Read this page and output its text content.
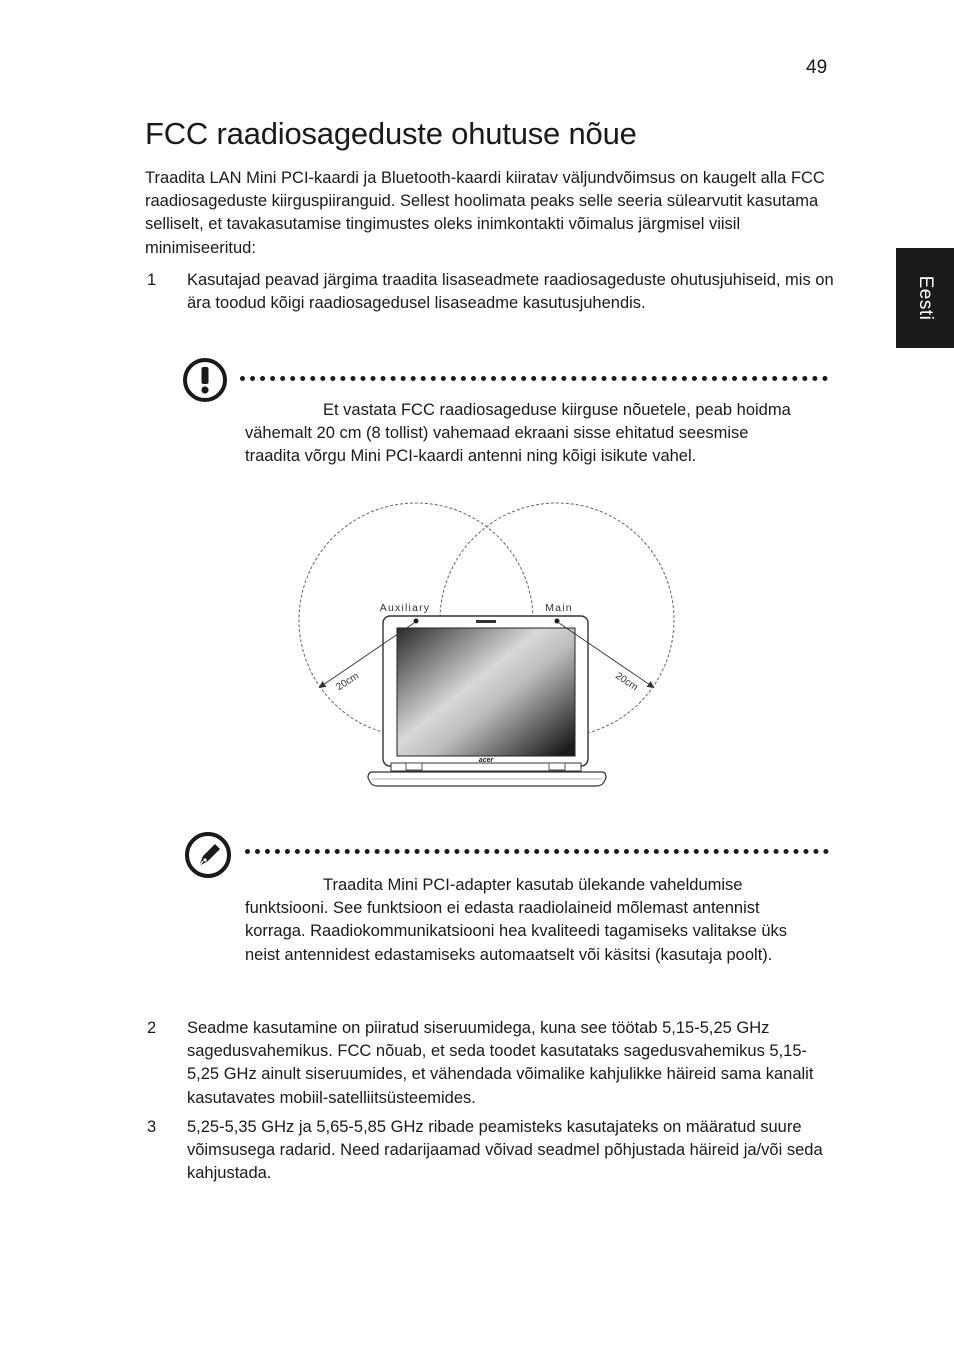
49
Eesti
FCC raadiosageduste ohutuse nõue

Traadita LAN Mini PCI-kaardi ja Bluetooth-kaardi kiiratav väljundvõimsus on kaugelt alla FCC raadiosageduste kiirguspiiranguid. Sellest hoolimata peaks selle seeria sülearvutit kasutama selliselt, et tavakasutamise tingimustes oleks inimkontakti võimalus järgmisel viisil minimiseeritud:

1 Kasutajad peavad järgima traadita lisaseadmete raadiosageduste ohutusjuhiseid, mis on ära toodud kõigi raadiosagedusel lisaseadme kasutusjuhendis.

Et vastata FCC raadiosageduse kiirguse nõuetele, peab hoidma vähemalt 20 cm (8 tollist) vahemaad ekraani sisse ehitatud seesmise traadita võrgu Mini PCI-kaardi antenni ning kõigi isikute vahel.

acer
Auxiliary	Main
20cm	20cm

Traadita Mini PCI-adapter kasutab ülekande vaheldumise funktsiooni. See funktsioon ei edasta raadiolaineid mõlemast antennist korraga. Raadiokommunikatsiooni hea kvaliteedi tagamiseks valitakse üks neist antennidest edastamiseks automaatselt või käsitsi (kasutaja poolt).

2 Seadme kasutamine on piiratud siseruumidega, kuna see töötab 5,15-5,25 GHz sagedusvahemikus. FCC nõuab, et seda toodet kasutataks sagedusvahemikus 5,15-5,25 GHz ainult siseruumides, et vähendada võimalike kahjulikke häireid sama kanalit kasutavates mobiil-satelliitsüsteemides.
3 5,25-5,35 GHz ja 5,65-5,85 GHz ribade peamisteks kasutajateks on määratud suure võimsusega radarid. Need radarijaamad võivad seadmel põhjustada häireid ja/või seda kahjustada.
